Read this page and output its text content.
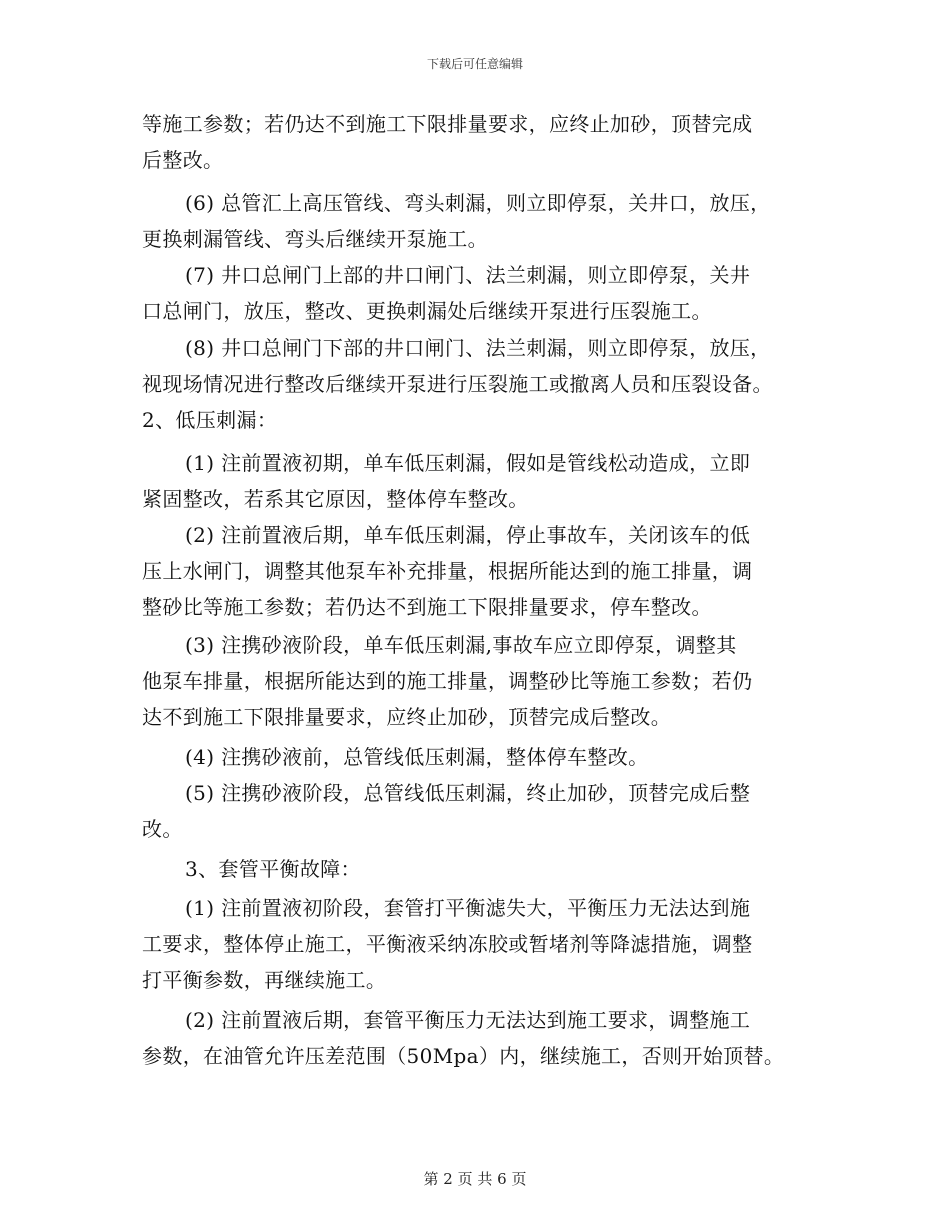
下载后可任意编辑
等施工参数；若仍达不到施工下限排量要求，应终止加砂，顶替完成
后整改。
(6) 总管汇上高压管线、弯头刺漏，则立即停泵，关井口，放压，
更换刺漏管线、弯头后继续开泵施工。
(7) 井口总闸门上部的井口闸门、法兰刺漏，则立即停泵，关井
口总闸门，放压，整改、更换刺漏处后继续开泵进行压裂施工。
(8) 井口总闸门下部的井口闸门、法兰刺漏，则立即停泵，放压，
视现场情况进行整改后继续开泵进行压裂施工或撤离人员和压裂设备。
2、低压刺漏：
(1) 注前置液初期，单车低压刺漏，假如是管线松动造成，立即
紧固整改，若系其它原因，整体停车整改。
(2) 注前置液后期，单车低压刺漏，停止事故车，关闭该车的低
压上水闸门，调整其他泵车补充排量，根据所能达到的施工排量，调
整砂比等施工参数；若仍达不到施工下限排量要求，停车整改。
(3) 注携砂液阶段，单车低压刺漏,事故车应立即停泵，调整其
他泵车排量，根据所能达到的施工排量，调整砂比等施工参数；若仍
达不到施工下限排量要求，应终止加砂，顶替完成后整改。
(4) 注携砂液前，总管线低压刺漏，整体停车整改。
(5) 注携砂液阶段，总管线低压刺漏，终止加砂，顶替完成后整
改。
3、套管平衡故障：
(1) 注前置液初阶段，套管打平衡滤失大，平衡压力无法达到施
工要求，整体停止施工，平衡液采纳冻胶或暂堵剂等降滤措施，调整
打平衡参数，再继续施工。
(2) 注前置液后期，套管平衡压力无法达到施工要求，调整施工
参数，在油管允许压差范围（50Mpa）内，继续施工，否则开始顶替。
第 2 页 共 6 页
